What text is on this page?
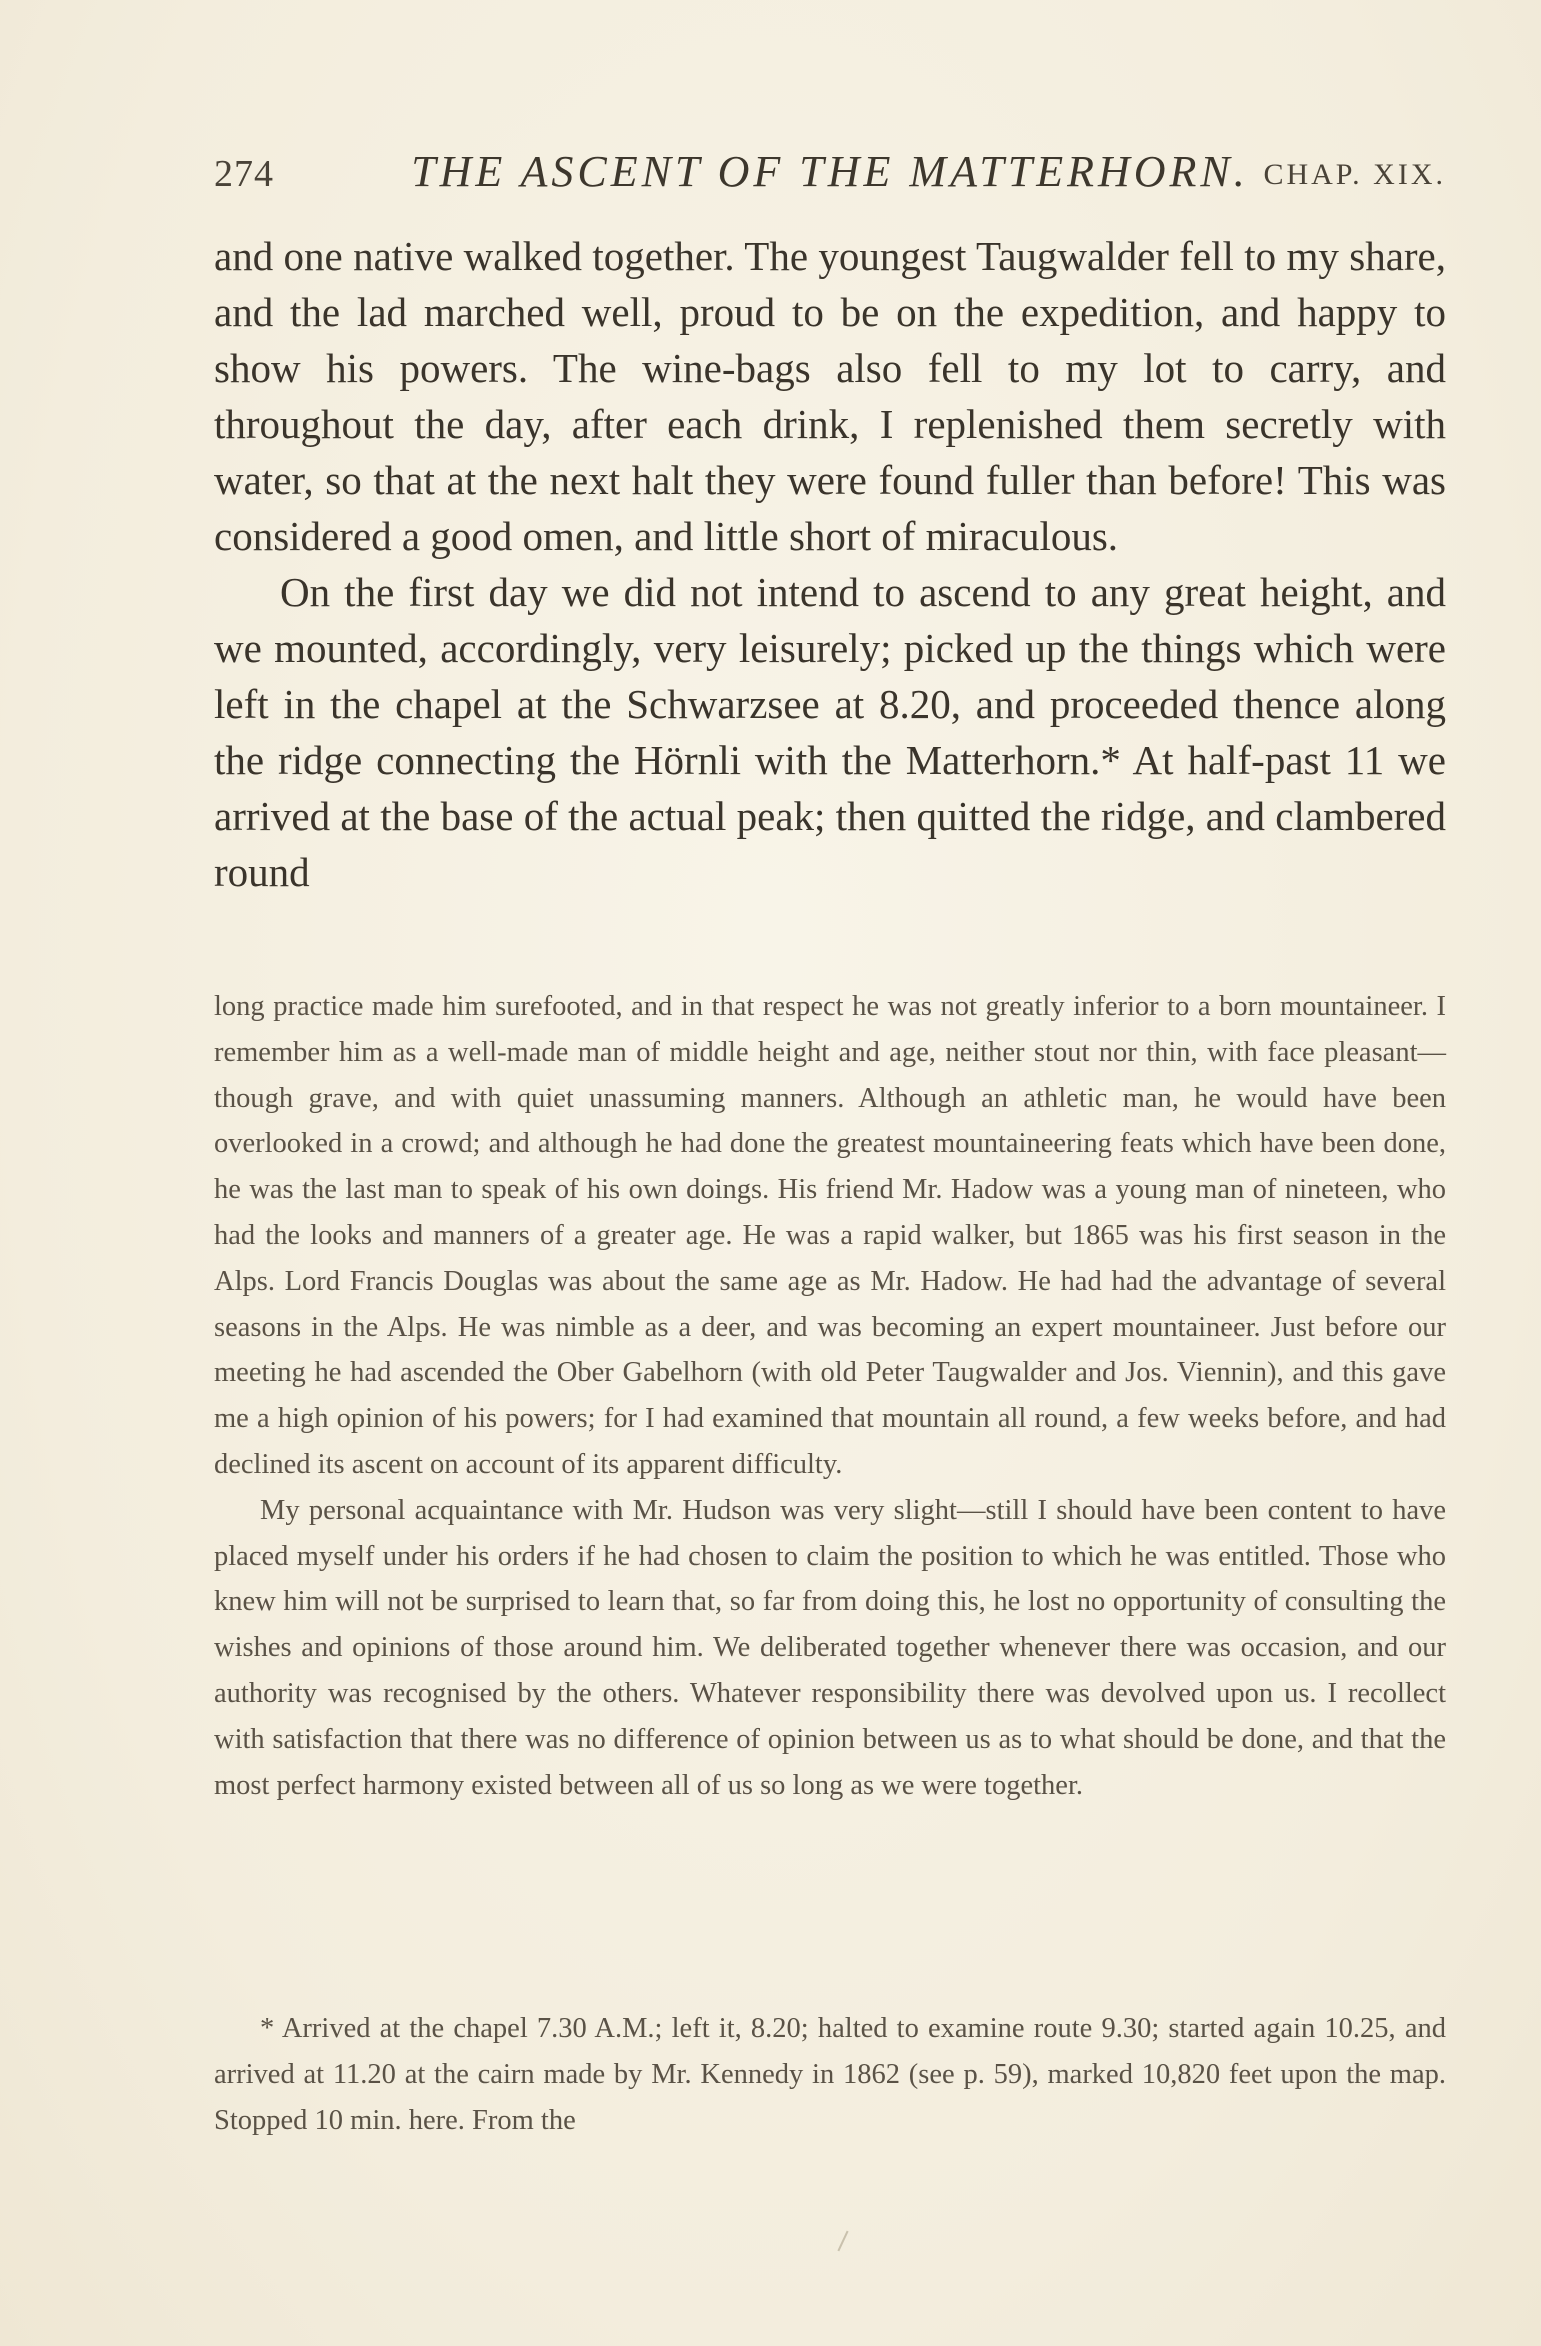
274	THE ASCENT OF THE MATTERHORN. CHAP. XIX.

and one native walked together. The youngest Taugwalder fell to my share, and the lad marched well, proud to be on the expedition, and happy to show his powers. The wine-bags also fell to my lot to carry, and throughout the day, after each drink, I replenished them secretly with water, so that at the next halt they were found fuller than before! This was considered a good omen, and little short of miraculous.

On the first day we did not intend to ascend to any great height, and we mounted, accordingly, very leisurely; picked up the things which were left in the chapel at the Schwarzsee at 8.20, and proceeded thence along the ridge connecting the Hörnli with the Matterhorn.* At half-past 11 we arrived at the base of the actual peak; then quitted the ridge, and clambered round

long practice made him surefooted, and in that respect he was not greatly inferior to a born mountaineer. I remember him as a well-made man of middle height and age, neither stout nor thin, with face pleasant—though grave, and with quiet unassuming manners. Although an athletic man, he would have been overlooked in a crowd; and although he had done the greatest mountaineering feats which have been done, he was the last man to speak of his own doings. His friend Mr. Hadow was a young man of nineteen, who had the looks and manners of a greater age. He was a rapid walker, but 1865 was his first season in the Alps. Lord Francis Douglas was about the same age as Mr. Hadow. He had had the advantage of several seasons in the Alps. He was nimble as a deer, and was becoming an expert mountaineer. Just before our meeting he had ascended the Ober Gabelhorn (with old Peter Taugwalder and Jos. Viennin), and this gave me a high opinion of his powers; for I had examined that mountain all round, a few weeks before, and had declined its ascent on account of its apparent difficulty.

My personal acquaintance with Mr. Hudson was very slight—still I should have been content to have placed myself under his orders if he had chosen to claim the position to which he was entitled. Those who knew him will not be surprised to learn that, so far from doing this, he lost no opportunity of consulting the wishes and opinions of those around him. We deliberated together whenever there was occasion, and our authority was recognised by the others. Whatever responsibility there was devolved upon us. I recollect with satisfaction that there was no difference of opinion between us as to what should be done, and that the most perfect harmony existed between all of us so long as we were together.

* Arrived at the chapel 7.30 A.M.; left it, 8.20; halted to examine route 9.30; started again 10.25, and arrived at 11.20 at the cairn made by Mr. Kennedy in 1862 (see p. 59), marked 10,820 feet upon the map. Stopped 10 min. here. From the
